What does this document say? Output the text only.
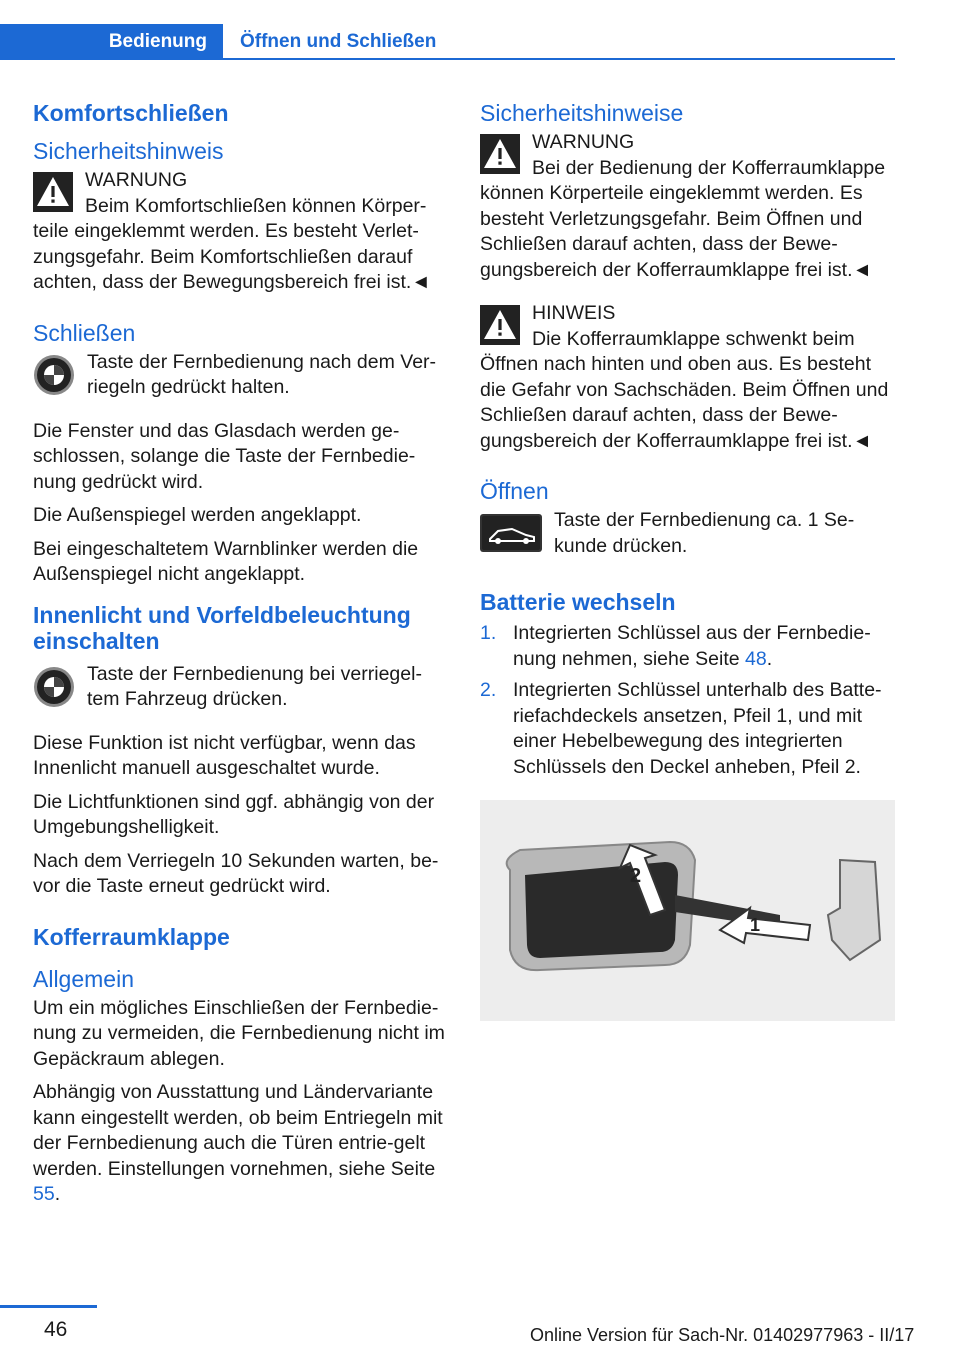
Bedienung	Öffnen und Schließen
Komfortschließen
Sicherheitshinweis

WARNUNG

Beim Komfortschließen können Körper-teile eingeklemmt werden. Es besteht Verlet-zungsgefahr. Beim Komfortschließen darauf achten, dass der Bewegungsbereich frei ist.◄

Schließen

Taste der Fernbedienung nach dem Ver-riegeln gedrückt halten.

Die Fenster und das Glasdach werden ge-schlossen, solange die Taste der Fernbedie-nung gedrückt wird.

Die Außenspiegel werden angeklappt.

Bei eingeschaltetem Warnblinker werden die Außenspiegel nicht angeklappt.

Innenlicht und Vorfeldbeleuchtung einschalten

Taste der Fernbedienung bei verriegel-tem Fahrzeug drücken.

Diese Funktion ist nicht verfügbar, wenn das Innenlicht manuell ausgeschaltet wurde.

Die Lichtfunktionen sind ggf. abhängig von der Umgebungshelligkeit.

Nach dem Verriegeln 10 Sekunden warten, be-vor die Taste erneut gedrückt wird.

Kofferraumklappe
Allgemein

Um ein mögliches Einschließen der Fernbedie-nung zu vermeiden, die Fernbedienung nicht im Gepäckraum ablegen.

Abhängig von Ausstattung und Ländervariante kann eingestellt werden, ob beim Entriegeln mit der Fernbedienung auch die Türen entrie-gelt werden. Einstellungen vornehmen, siehe Seite 55.

Sicherheitshinweise

WARNUNG

Bei der Bedienung der Kofferraumklappe können Körperteile eingeklemmt werden. Es besteht Verletzungsgefahr. Beim Öffnen und Schließen darauf achten, dass der Bewe-gungsbereich der Kofferraumklappe frei ist.◄

HINWEIS

Die Kofferraumklappe schwenkt beim Öffnen nach hinten und oben aus. Es besteht die Gefahr von Sachschäden. Beim Öffnen und Schließen darauf achten, dass der Bewe-gungsbereich der Kofferraumklappe frei ist.◄

Öffnen

Taste der Fernbedienung ca. 1 Se-kunde drücken.

Batterie wechseln
1. Integrierten Schlüssel aus der Fernbedie-nung nehmen, siehe Seite 48.
2. Integrierten Schlüssel unterhalb des Batte-riefachdeckels ansetzen, Pfeil 1, und mit einer Hebelbewegung des integrierten Schlüssels den Deckel anheben, Pfeil 2.
2
1
46	Online Version für Sach-Nr. 01402977963 - II/17
